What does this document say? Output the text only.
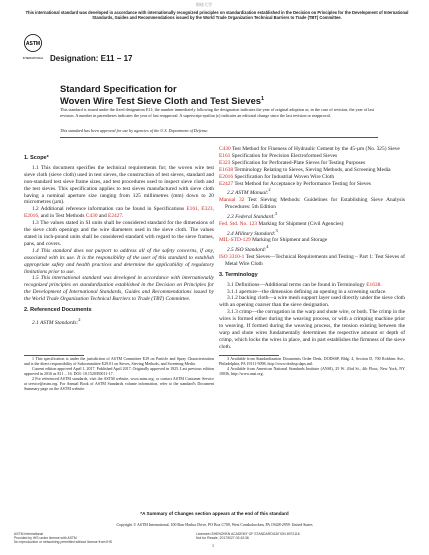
郎桂大学
This international standard was developed in accordance with internationally recognized principles on standardization established in the Decision on Principles for the Development of International Standards, Guides and Recommendations issued by the World Trade Organization Technical Barriers to Trade (TBT) Committee.
ASTM
INTERNATIONAL Designation: E11 − 17
Standard Specification for
Woven Wire Test Sieve Cloth and Test Sieves$^1$
This standard is issued under the fixed designation E11; the number immediately following the designation indicates the year of original adoption or, in the case of revision, the year of last revision. A number in parentheses indicates the year of last reapproval. A superscript epsilon (ε) indicates an editorial change since the last revision or reapproval.
This standard has been approved for use by agencies of the U.S. Department of Defense.

1. Scope*

1.1 This document specifies the technical requirements for; the woven wire test sieve cloth (sieve cloth) used in test sieves, the construction of test sieves, standard and non-standard test sieve frame sizes, and test procedures used to inspect sieve cloth and the test sieves. This specification applies to test sieves manufactured with sieve cloth having a nominal aperture size ranging from 125 millimetres (mm) down to 20 micrometres (µm).

1.2 Additional reference information can be found in Specifications E161, E323, E2016, and in Test Methods C430 and E2427.

1.3 The values stated in SI units shall be considered standard for the dimensions of the sieve cloth openings and the wire diameters used in the sieve cloth. The values stated in inch-pound units shall be considered standard with regard to the sieve frames, pans, and covers.

1.4 This standard does not purport to address all of the safety concerns, if any, associated with its use. It is the responsibility of the user of this standard to establish appropriate safety and health practices and determine the applicability of regulatory limitations prior to use.

1.5 This international standard was developed in accordance with internationally recognized principles on standardization established in the Decision on Principles for the Development of International Standards, Guides and Recommendations issued by the World Trade Organization Technical Barriers to Trade (TBT) Committee.

2. Referenced Documents

2.1 ASTM Standards:$^2$

1 This specification is under the jurisdiction of ASTM Committee E29 on Particle and Spray Characterization and is the direct responsibility of Subcommittee E29.01 on Sieves, Sieving Methods, and Screening Media.

Current edition approved April 1, 2017. Published April 2017. Originally approved in 1925. Last previous edition approved in 2016 as E11 – 16. DOI: 10.1520/E0011-17.

2 For referenced ASTM standards, visit the ASTM website, www.astm.org, or contact ASTM Customer Service at service@astm.org. For Annual Book of ASTM Standards volume information, refer to the standard's Document Summary page on the ASTM website.

C430 Test Method for Fineness of Hydraulic Cement by the 45-µm (No. 325) Sieve

E161 Specification for Precision Electroformed Sieves

E323 Specification for Perforated-Plate Sieves for Testing Purposes

E1638 Terminology Relating to Sieves, Sieving Methods, and Screening Media

E2016 Specification for Industrial Woven Wire Cloth

E2427 Test Method for Acceptance by Performance Testing for Sieves

2.2 ASTM Manual:$^2$

Manual 32 Test Sieving Methods: Guidelines for Establishing Sieve Analysis Procedures: 5th Edition

2.3 Federal Standard:$^3$

Fed. Std. No. 123 Marking for Shipment (Civil Agencies)

2.4 Military Standard:$^3$

MIL-STD-129 Marking for Shipment and Storage

2.5 ISO Standard:$^4$

ISO 3310-1 Test Sieves—Technical Requirements and Testing – Part 1: Test Sieves of Metal Wire Cloth

3. Terminology

3.1 Definitions—Additional terms can be found in Terminology E1638.

3.1.1 aperture—the dimension defining an opening in a screening surface.

3.1.2 backing cloth—a wire mesh support layer used directly under the sieve cloth with an opening coarser than the sieve designation.

3.1.3 crimp—the corrugation in the warp and shute wire, or both. The crimp in the wires is formed either during the weaving process, or with a crimping machine prior to weaving. If formed during the weaving process, the tension existing between the warp and shute wires fundamentally determines the respective amount or depth of crimp, which locks the wires in place, and in part establishes the firmness of the sieve cloth.

3 Available from Standardization Documents Order Desk, DODSSP, Bldg. 4, Section D, 700 Robbins Ave., Philadelphia, PA 19111-5098, http://www.dodssp.daps.mil.

4 Available from American National Standards Institute (ANSI), 25 W. 43rd St., 4th Floor, New York, NY 10036, http://www.ansi.org.

*A Summary of Changes section appears at the end of this standard
Copyright © ASTM International, 100 Barr Harbor Drive, PO Box C700, West Conshohocken, PA 19428-2959. United States
ASTM International
Provided by IHS under license with ASTM
No reproduction or networking permitted without license from IHS
Licensee=SHENZHEN ACADEMY OF STANDARDIZATION 6972116
Not for Resale, 2017/5/27 02:43:36
1
